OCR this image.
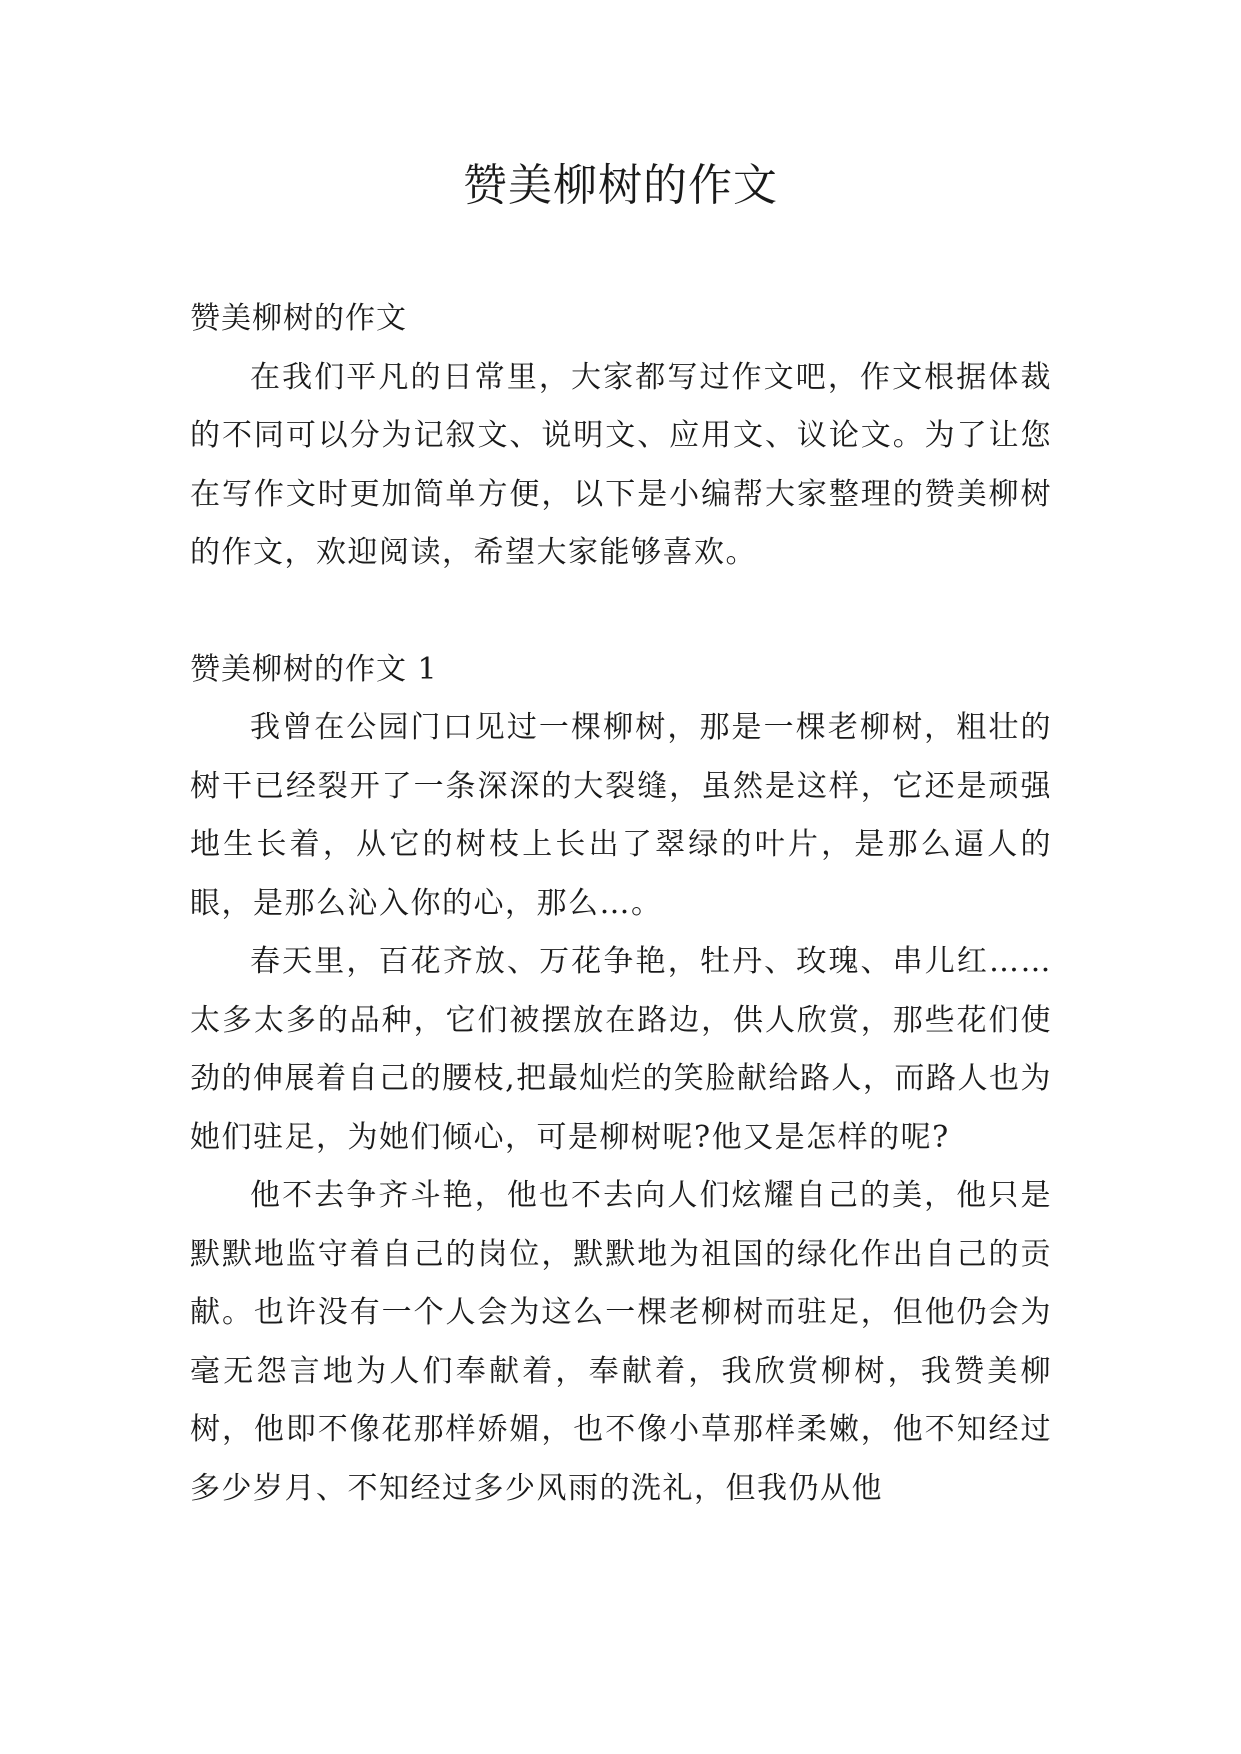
赞美柳树的作文

赞美柳树的作文

在我们平凡的日常里，大家都写过作文吧，作文根据体裁的不同可以分为记叙文、说明文、应用文、议论文。为了让您在写作文时更加简单方便，以下是小编帮大家整理的赞美柳树的作文，欢迎阅读，希望大家能够喜欢。

赞美柳树的作文 1

我曾在公园门口见过一棵柳树，那是一棵老柳树，粗壮的树干已经裂开了一条深深的大裂缝，虽然是这样，它还是顽强地生长着，从它的树枝上长出了翠绿的叶片，是那么逼人的眼，是那么沁入你的心，那么…。

春天里，百花齐放、万花争艳，牡丹、玫瑰、串儿红……太多太多的品种，它们被摆放在路边，供人欣赏，那些花们使劲的伸展着自己的腰枝,把最灿烂的笑脸献给路人，而路人也为她们驻足，为她们倾心，可是柳树呢?他又是怎样的呢?

他不去争齐斗艳，他也不去向人们炫耀自己的美，他只是默默地监守着自己的岗位，默默地为祖国的绿化作出自己的贡献。也许没有一个人会为这么一棵老柳树而驻足，但他仍会为毫无怨言地为人们奉献着，奉献着，我欣赏柳树，我赞美柳树，他即不像花那样娇媚，也不像小草那样柔嫩，他不知经过多少岁月、不知经过多少风雨的洗礼，但我仍从他
